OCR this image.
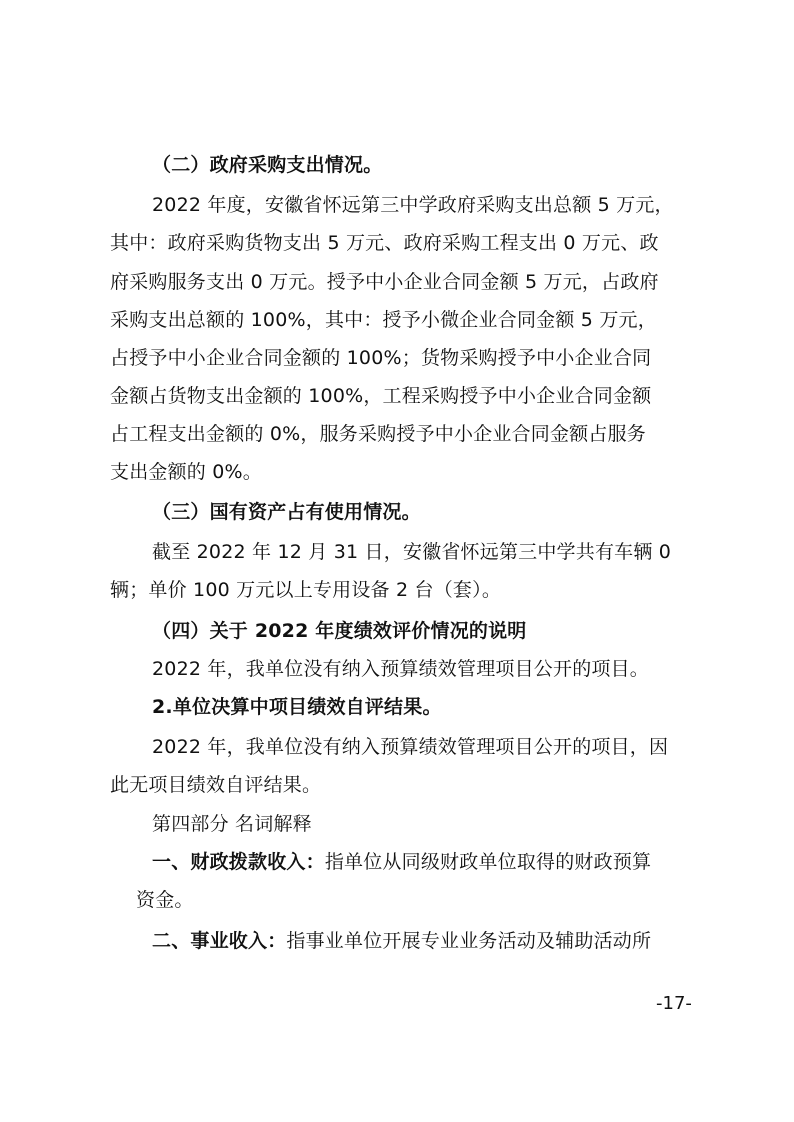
（二）政府采购支出情况。
2022 年度，安徽省怀远第三中学政府采购支出总额 5 万元，
其中：政府采购货物支出 5 万元、政府采购工程支出 0 万元、政
府采购服务支出 0 万元。授予中小企业合同金额 5 万元，占政府
采购支出总额的 100%，其中：授予小微企业合同金额 5 万元，
占授予中小企业合同金额的 100%；货物采购授予中小企业合同
金额占货物支出金额的 100%，工程采购授予中小企业合同金额
占工程支出金额的 0%，服务采购授予中小企业合同金额占服务
支出金额的 0%。
（三）国有资产占有使用情况。
截至 2022 年 12 月 31 日，安徽省怀远第三中学共有车辆 0
辆；单价 100 万元以上专用设备 2 台（套）。
（四）关于 2022 年度绩效评价情况的说明
2022 年，我单位没有纳入预算绩效管理项目公开的项目。
2.单位决算中项目绩效自评结果。
2022 年，我单位没有纳入预算绩效管理项目公开的项目，因
此无项目绩效自评结果。
第四部分 名词解释
一、财政拨款收入：指单位从同级财政单位取得的财政预算
资金。
二、事业收入：指事业单位开展专业业务活动及辅助活动所
-17-
